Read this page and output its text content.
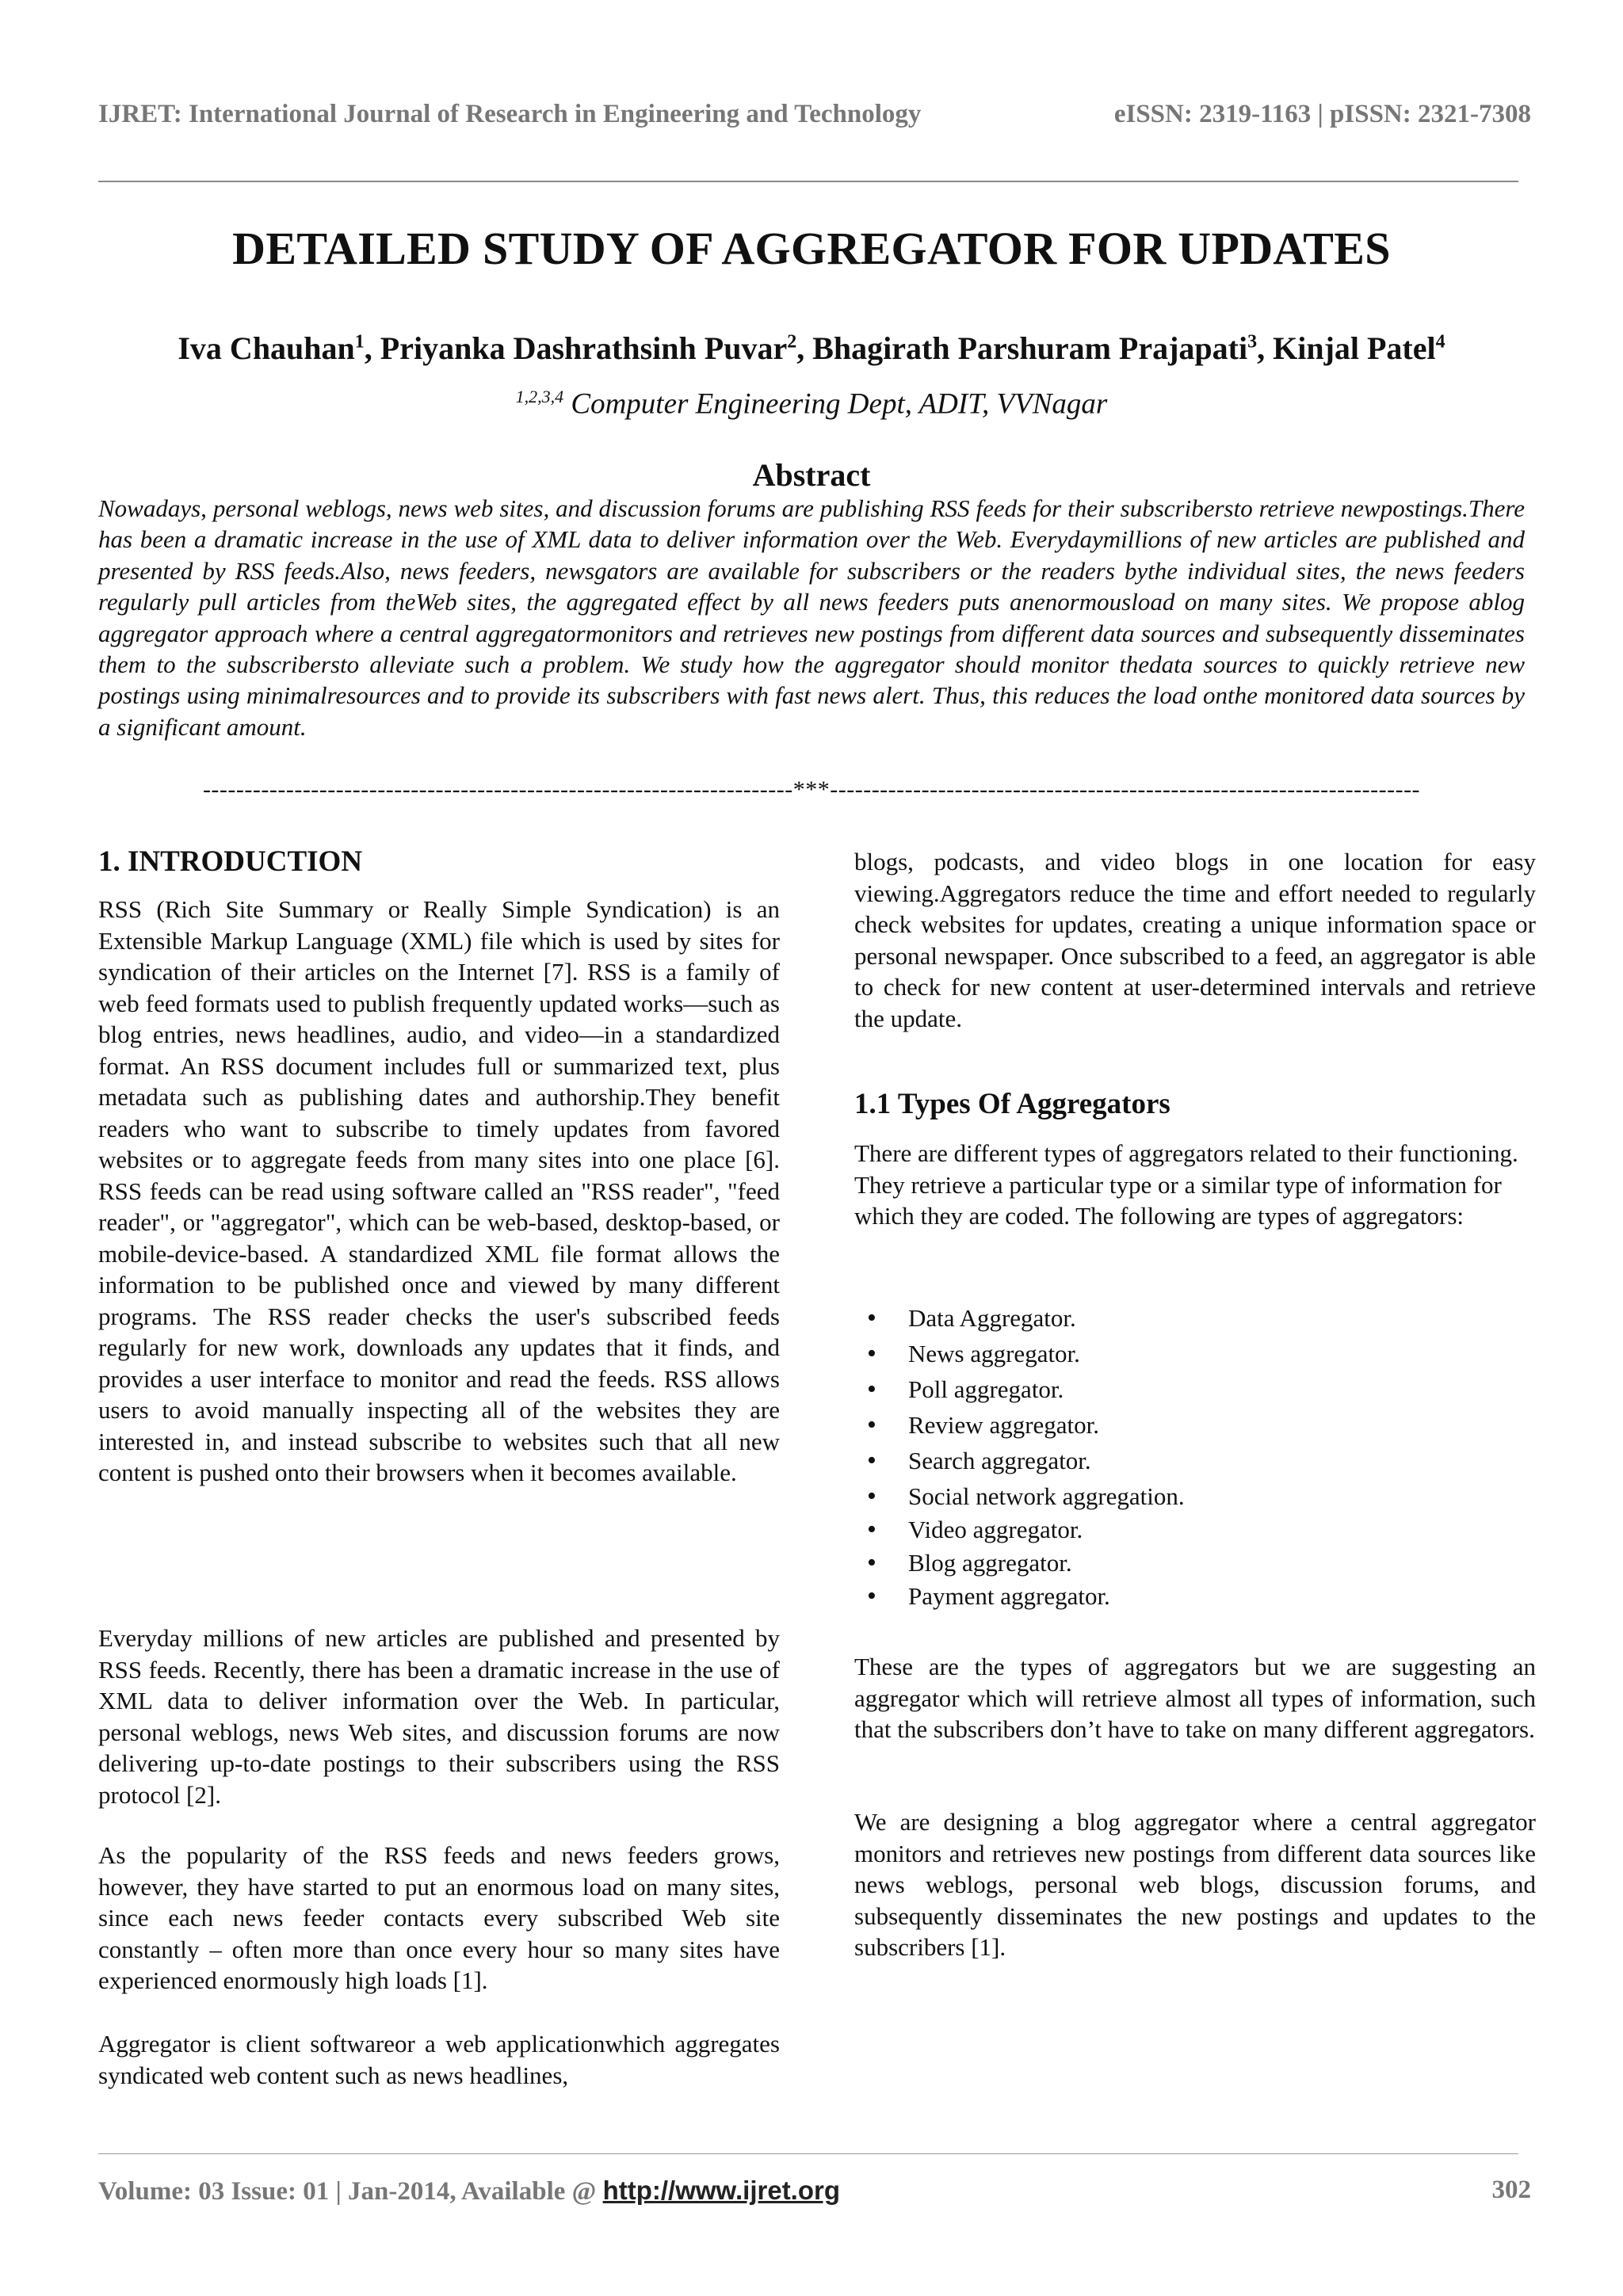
IJRET: International Journal of Research in Engineering and Technology	eISSN: 2319-1163 | pISSN: 2321-7308
DETAILED STUDY OF AGGREGATOR FOR UPDATES
Iva Chauhan$^1$, Priyanka Dashrathsinh Puvar$^2$, Bhagirath Parshuram Prajapati$^3$, Kinjal Patel$^4$
$^{1,2,3,4}$ Computer Engineering Dept, ADIT, VVNagar
Abstract
Nowadays, personal weblogs, news web sites, and discussion forums are publishing RSS feeds for their subscribersto retrieve newpostings.There has been a dramatic increase in the use of XML data to deliver information over the Web. Everydaymillions of new articles are published and presented by RSS feeds.Also, news feeders, newsgators are available for subscribers or the readers bythe individual sites, the news feeders regularly pull articles from theWeb sites, the aggregated effect by all news feeders puts anenormousload on many sites. We propose ablog aggregator approach where a central aggregatormonitors and retrieves new postings from different data sources and subsequently disseminates them to the subscribersto alleviate such a problem. We study how the aggregator should monitor thedata sources to quickly retrieve new postings using minimalresources and to provide its subscribers with fast news alert. Thus, this reduces the load onthe monitored data sources by a significant amount.
-----------------------------------------------------------------------***-----------------------------------------------------------------------
1. INTRODUCTION
RSS (Rich Site Summary or Really Simple Syndication) is an Extensible Markup Language (XML) file which is used by sites for syndication of their articles on the Internet [7]. RSS is a family of web feed formats used to publish frequently updated works—such as blog entries, news headlines, audio, and video—in a standardized format. An RSS document includes full or summarized text, plus metadata such as publishing dates and authorship.They benefit readers who want to subscribe to timely updates from favored websites or to aggregate feeds from many sites into one place [6]. RSS feeds can be read using software called an "RSS reader", "feed reader", or "aggregator", which can be web-based, desktop-based, or mobile-device-based. A standardized XML file format allows the information to be published once and viewed by many different programs. The RSS reader checks the user's subscribed feeds regularly for new work, downloads any updates that it finds, and provides a user interface to monitor and read the feeds. RSS allows users to avoid manually inspecting all of the websites they are interested in, and instead subscribe to websites such that all new content is pushed onto their browsers when it becomes available.
Everyday millions of new articles are published and presented by RSS feeds. Recently, there has been a dramatic increase in the use of XML data to deliver information over the Web. In particular, personal weblogs, news Web sites, and discussion forums are now delivering up-to-date postings to their subscribers using the RSS protocol [2].
As the popularity of the RSS feeds and news feeders grows, however, they have started to put an enormous load on many sites, since each news feeder contacts every subscribed Web site constantly – often more than once every hour so many sites have experienced enormously high loads [1].
Aggregator is client softwareor a web applicationwhich aggregates syndicated web content such as news headlines,
blogs, podcasts, and video blogs in one location for easy viewing.Aggregators reduce the time and effort needed to regularly check websites for updates, creating a unique information space or personal newspaper. Once subscribed to a feed, an aggregator is able to check for new content at user-determined intervals and retrieve the update.
1.1 Types Of Aggregators
There are different types of aggregators related to their functioning. They retrieve a particular type or a similar type of information for which they are coded. The following are types of aggregators:
• Data Aggregator.
• News aggregator.
• Poll aggregator.
• Review aggregator.
• Search aggregator.
• Social network aggregation.
• Video aggregator.
• Blog aggregator.
• Payment aggregator.
These are the types of aggregators but we are suggesting an aggregator which will retrieve almost all types of information, such that the subscribers don’t have to take on many different aggregators.
We are designing a blog aggregator where a central aggregator monitors and retrieves new postings from different data sources like news weblogs, personal web blogs, discussion forums, and subsequently disseminates the new postings and updates to the subscribers [1].
Volume: 03 Issue: 01 | Jan-2014, Available @ http://www.ijret.org	302
